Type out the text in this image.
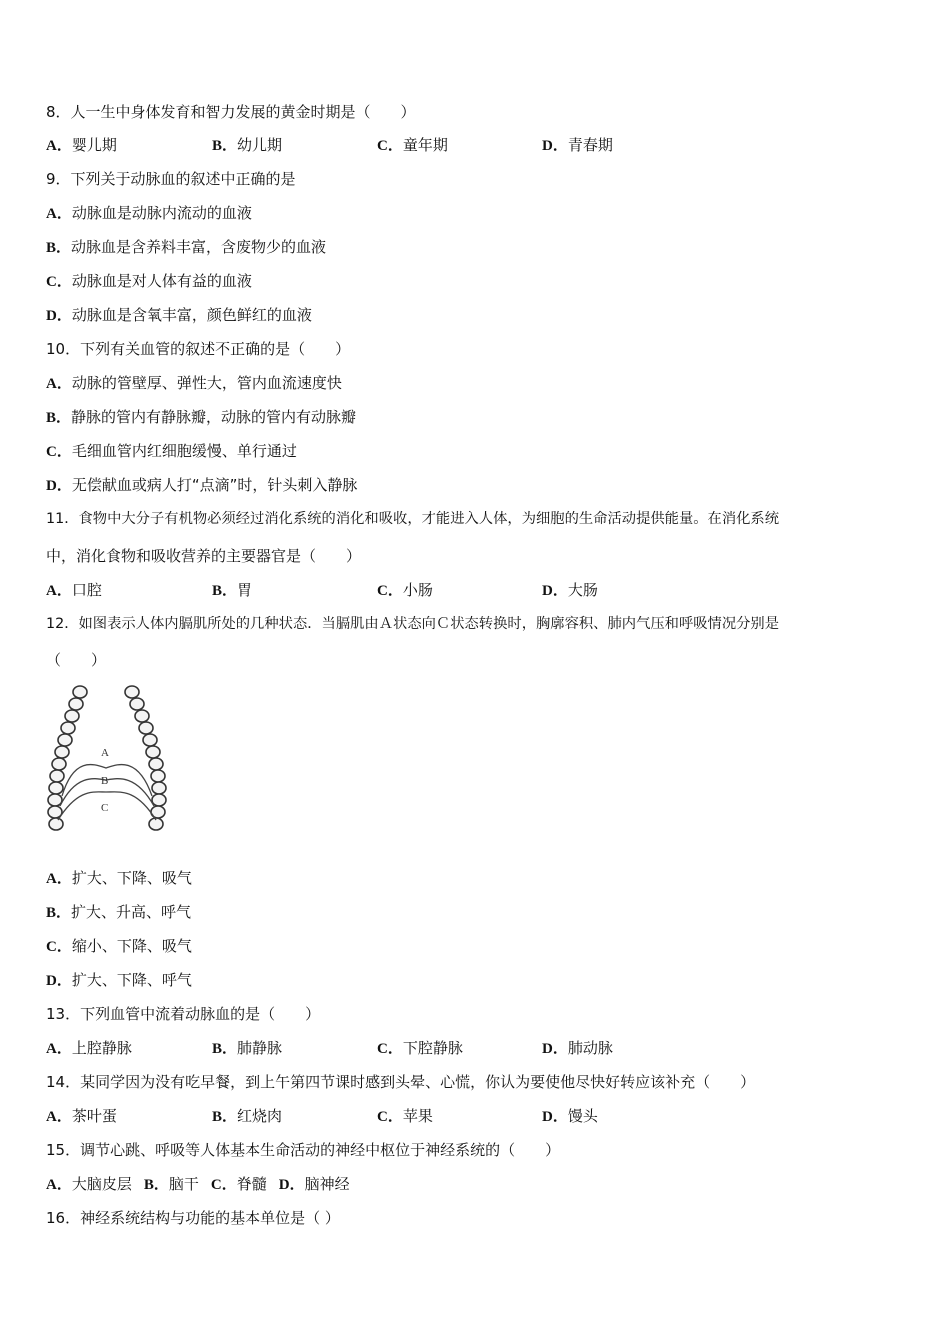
8．人一生中身体发育和智力发展的黄金时期是（　　）
A．婴儿期	B．幼儿期	C．童年期	D．青春期
9．下列关于动脉血的叙述中正确的是
A．动脉血是动脉内流动的血液
B．动脉血是含养料丰富，含废物少的血液
C．动脉血是对人体有益的血液
D．动脉血是含氧丰富，颜色鲜红的血液
10．下列有关血管的叙述不正确的是（　　）
A．动脉的管壁厚、弹性大，管内血流速度快
B．静脉的管内有静脉瓣，动脉的管内有动脉瓣
C．毛细血管内红细胞缓慢、单行通过
D．无偿献血或病人打“点滴”时，针头刺入静脉
11．食物中大分子有机物必须经过消化系统的消化和吸收，才能进入人体，为细胞的生命活动提供能量。在消化系统
中，消化食物和吸收营养的主要器官是（　　）
A．口腔	B．胃	C．小肠	D．大肠
12．如图表示人体内膈肌所处的几种状态．当膈肌由Ａ状态向Ｃ状态转换时，胸廓容积、肺内气压和呼吸情况分别是
（　　）
A
B
C
A．扩大、下降、吸气
B．扩大、升高、呼气
C．缩小、下降、吸气
D．扩大、下降、呼气
13．下列血管中流着动脉血的是（　　）
A．上腔静脉	B．肺静脉	C．下腔静脉	D．肺动脉
14．某同学因为没有吃早餐，到上午第四节课时感到头晕、心慌，你认为要使他尽快好转应该补充（　　）
A．茶叶蛋	B．红烧肉	C．苹果	D．馒头
15．调节心跳、呼吸等人体基本生命活动的神经中枢位于神经系统的（　　）
A．大脑皮层 B．脑干 C．脊髓 D．脑神经
16．神经系统结构与功能的基本单位是（ ）
